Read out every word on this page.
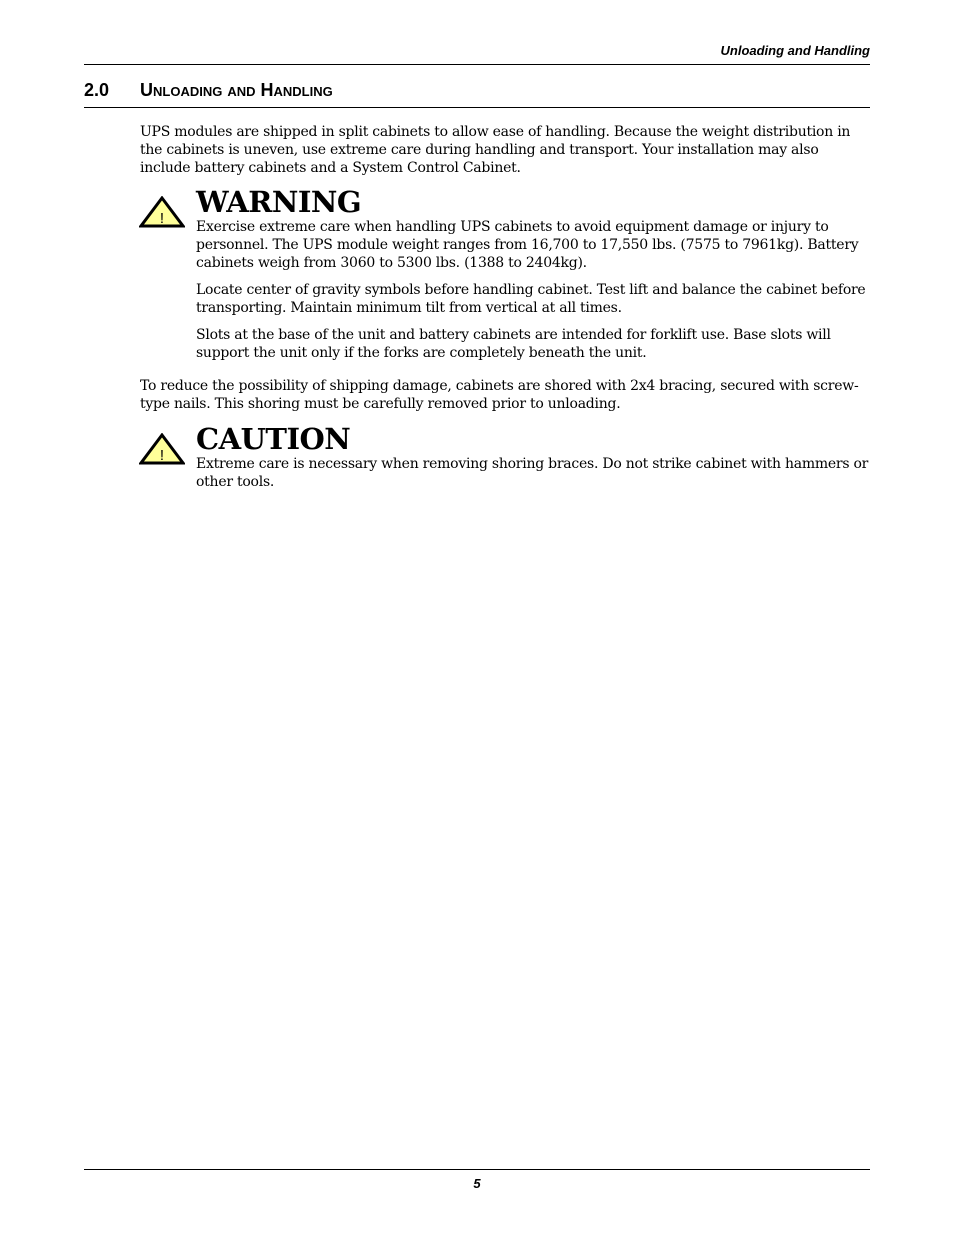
Unloading and Handling
2.0 Unloading and Handling

UPS modules are shipped in split cabinets to allow ease of handling. Because the weight distribution in the cabinets is uneven, use extreme care during handling and transport. Your installation may also include battery cabinets and a System Control Cabinet.

! WARNING

Exercise extreme care when handling UPS cabinets to avoid equipment damage or injury to personnel. The UPS module weight ranges from 16,700 to 17,550 lbs. (7575 to 7961kg). Battery cabinets weigh from 3060 to 5300 lbs. (1388 to 2404kg).

Locate center of gravity symbols before handling cabinet. Test lift and balance the cabinet before transporting. Maintain minimum tilt from vertical at all times.

Slots at the base of the unit and battery cabinets are intended for forklift use. Base slots will support the unit only if the forks are completely beneath the unit.

To reduce the possibility of shipping damage, cabinets are shored with 2x4 bracing, secured with screw-type nails. This shoring must be carefully removed prior to unloading.

! CAUTION

Extreme care is necessary when removing shoring braces. Do not strike cabinet with hammers or other tools.

5
